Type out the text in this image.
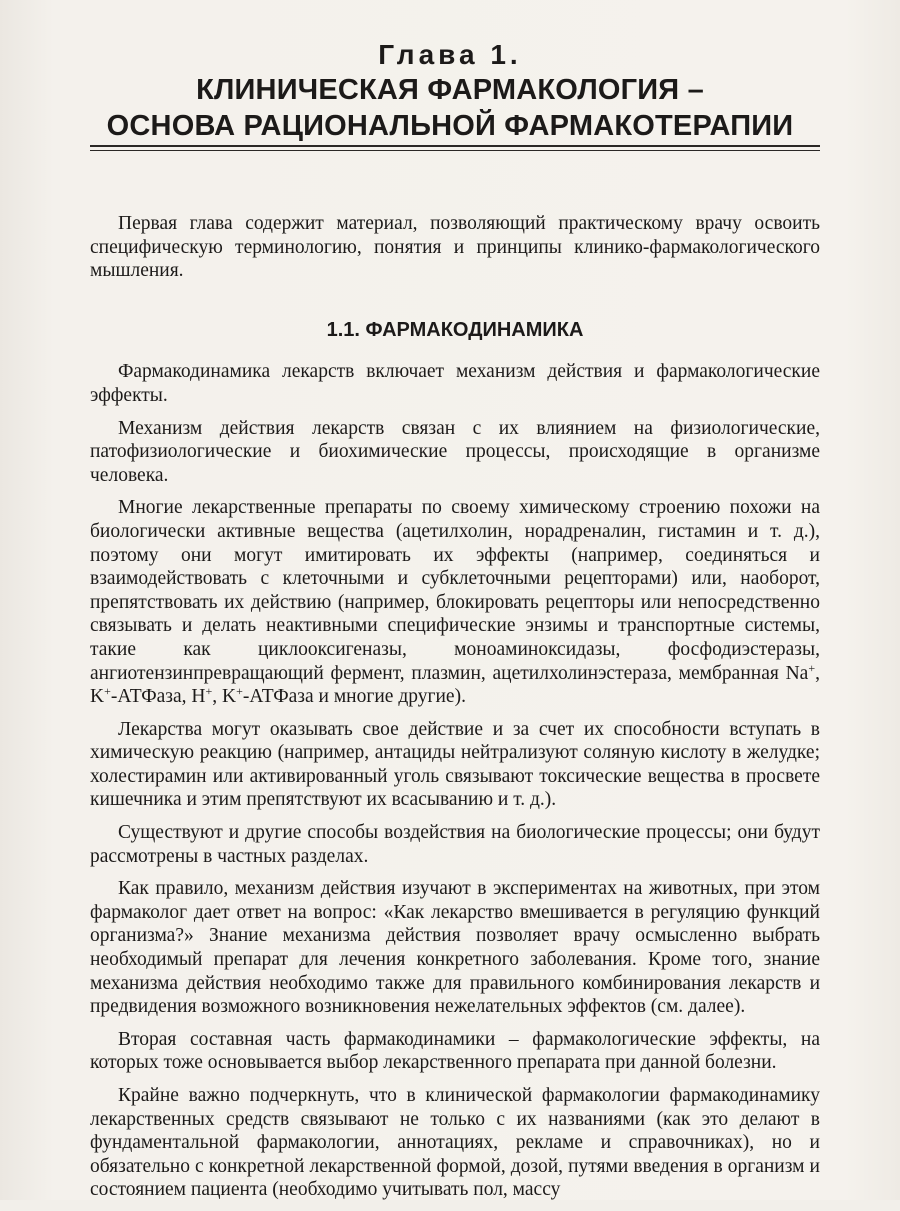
Глава 1.
КЛИНИЧЕСКАЯ ФАРМАКОЛОГИЯ –
ОСНОВА РАЦИОНАЛЬНОЙ ФАРМАКОТЕРАПИИ

Первая глава содержит материал, позволяющий практическому врачу освоить специфическую терминологию, понятия и принципы клинико-фармакологического мышления.

1.1. ФАРМАКОДИНАМИКА

Фармакодинамика лекарств включает механизм действия и фармакологические эффекты.

Механизм действия лекарств связан с их влиянием на физиологические, патофизиологические и биохимические процессы, происходящие в организме человека.

Многие лекарственные препараты по своему химическому строению похожи на биологически активные вещества (ацетилхолин, норадреналин, гистамин и т. д.), поэтому они могут имитировать их эффекты (например, соединяться и взаимодействовать с клеточными и субклеточными рецепторами) или, наоборот, препятствовать их действию (например, блокировать рецепторы или непосредственно связывать и делать неактивными специфические энзимы и транспортные системы, такие как циклооксигеназы, моноаминоксидазы, фосфодиэстеразы, ангиотензинпревращающий фермент, плазмин, ацетилхолинэстераза, мембранная Na+, K+-АТФаза, H+, K+-АТФаза и многие другие).

Лекарства могут оказывать свое действие и за счет их способности вступать в химическую реакцию (например, антациды нейтрализуют соляную кислоту в желудке; холестирамин или активированный уголь связывают токсические вещества в просвете кишечника и этим препятствуют их всасыванию и т. д.).

Существуют и другие способы воздействия на биологические процессы; они будут рассмотрены в частных разделах.

Как правило, механизм действия изучают в экспериментах на животных, при этом фармаколог дает ответ на вопрос: «Как лекарство вмешивается в регуляцию функций организма?» Знание механизма действия позволяет врачу осмысленно выбрать необходимый препарат для лечения конкретного заболевания. Кроме того, знание механизма действия необходимо также для правильного комбинирования лекарств и предвидения возможного возникновения нежелательных эффектов (см. далее).

Вторая составная часть фармакодинамики – фармакологические эффекты, на которых тоже основывается выбор лекарственного препарата при данной болезни.

Крайне важно подчеркнуть, что в клинической фармакологии фармакодинамику лекарственных средств связывают не только с их названиями (как это делают в фундаментальной фармакологии, аннотациях, рекламе и справочниках), но и обязательно с конкретной лекарственной формой, дозой, путями введения в организм и состоянием пациента (необходимо учитывать пол, массу
